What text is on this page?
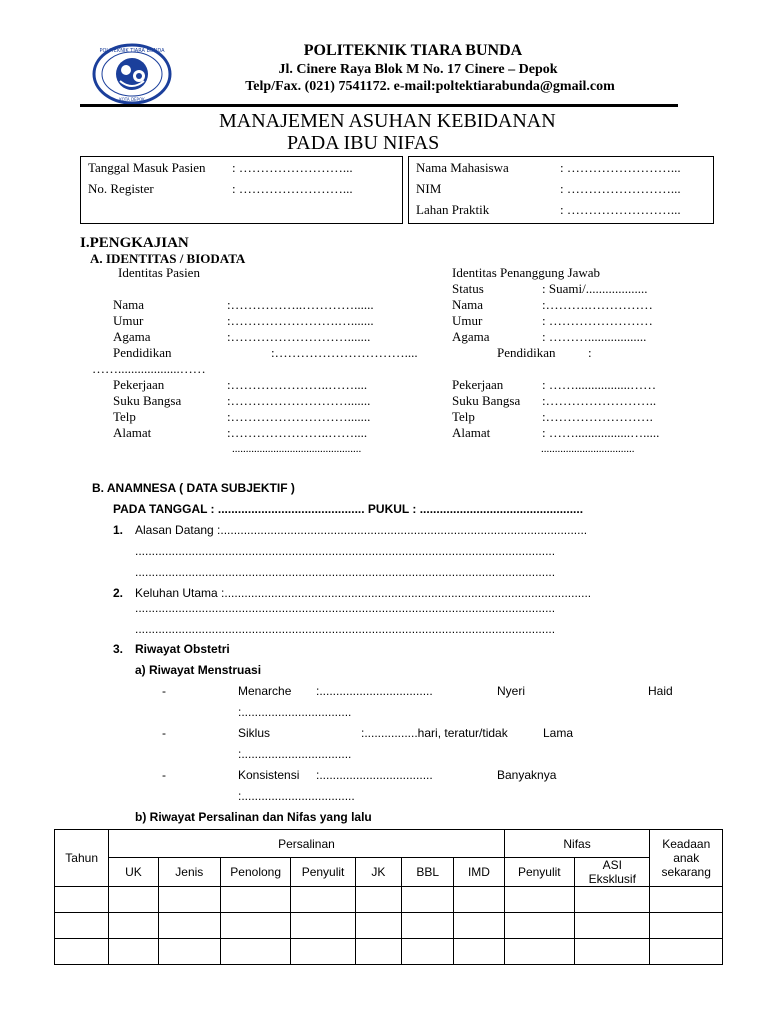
POLITEKNIK TIARA BUNDA
KOTA DEPOK
POLITEKNIK TIARA BUNDA
Jl. Cinere Raya Blok M No. 17 Cinere – Depok
Telp/Fax. (021) 7541172. e-mail:poltektiarabunda@gmail.com
MANAJEMEN ASUHAN KEBIDANAN
PADA IBU NIFAS
Tanggal Masuk Pasien : ……………………...
No. Register	: ……………………...
Nama Mahasiswa	: ……………………...
NIM	: ……………………...
Lahan Praktik	: ……………………...
I.PENGKAJIAN
A. IDENTITAS / BIODATA
Identitas Pasien	Identitas Penanggung Jawab
Status	: Suami/...................
Nama	:……………..…………......
Umur	:…………………….….......
Agama	:……………………….......
Pendidikan	:…………………………....
……...................……
Pekerjaan	:…………………..……....
Suku Bangsa	:……………………….......
Telp	:……………………….......
Alamat	:…………………..……....
...............................................
Nama	:……….……………
Umur	: ……………………
Agama	: ………..................
Pendidikan	:
Pekerjaan	: …….................……
Suku Bangsa :……………………..
Telp	:…………………….
Alamat	: …….................….....
..................................
B. ANAMNESA ( DATA SUBJEKTIF )
PADA TANGGAL : ............................................ PUKUL : .................................................
1. Alasan Datang :..............................................................................................................
..............................................................................................................................
..............................................................................................................................
2. Keluhan Utama :..............................................................................................................
..............................................................................................................................
..............................................................................................................................
3. Riwayat Obstetri
a) Riwayat Menstruasi
-	Menarche :..................................	Nyeri	Haid
:.................................
-	Siklus	:................hari, teratur/tidak	Lama
:.................................
-	Konsistensi :..................................	Banyaknya
:..................................
b) Riwayat Persalinan dan Nifas yang lalu
Tahun	Persalinan							Nifas		Keadaan anak sekarang
	UK	Jenis	Penolong	Penyulit	JK	BBL	IMD	Penyulit	ASI Eksklusif	
